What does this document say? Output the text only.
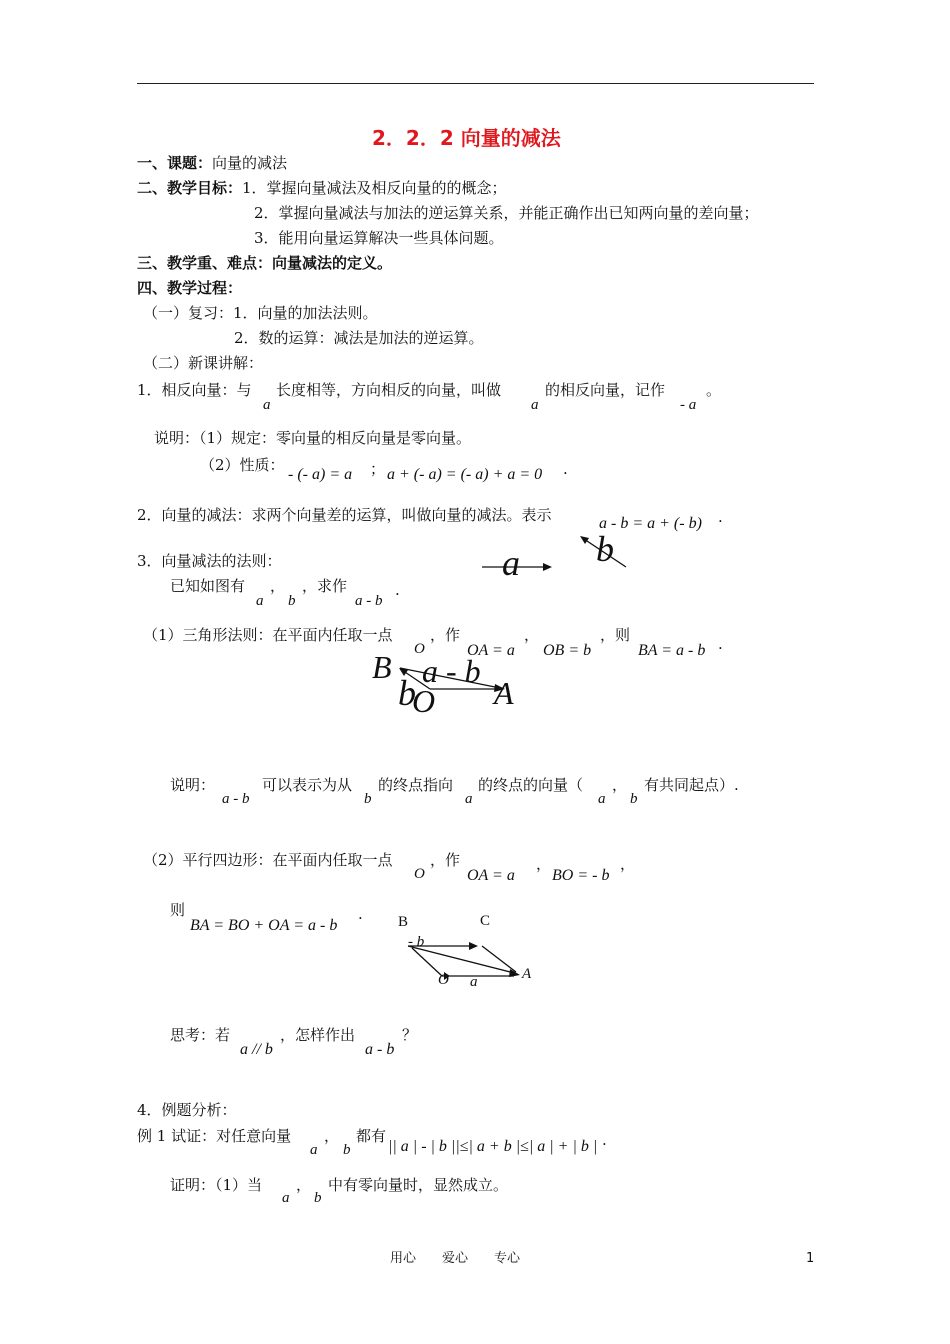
2．2．2 向量的减法
一、课题：向量的减法
二、教学目标：1．掌握向量减法及相反向量的的概念；
2．掌握向量减法与加法的逆运算关系，并能正确作出已知两向量的差向量；
3．能用向量运算解决一些具体问题。
三、教学重、难点：向量减法的定义。
四、教学过程：
（一）复习：1．向量的加法法则。
2．数的运算：减法是加法的逆运算。
（二）新课讲解：
1．相反向量：与
a
长度相等，方向相反的向量，叫做
a
的相反向量，记作
- a
。
说明：（1）规定：零向量的相反向量是零向量。
（2）性质：
- (- a) = a ； a + (- a) = (- a) + a = 0 .
2．向量的减法：求两个向量差的运算，叫做向量的减法。表示	a - b = a + (- b) .
3．向量减法的法则：	a b
已知如图有
a
，
b
，求作
a - b
.
（1）三角形法则：在平面内任取一点
O
，作
OA = a
，
OB = b
，则
BA = a - b .
B a - b
b
O A
说明：
a - b
可以表示为从
b
的终点指向
a
的终点的向量（
a
，
b
有共同起点）.
（2）平行四边形：在平面内任取一点
O
，作
OA = a
，
BO = - b
，
则
BA = BO + OA = a - b
. B	C
- b
O a	A
思考：若
a // b
，怎样作出
a - b
？
4．例题分析：
例 1 试证：对任意向量
a
，
b
都有
|| a | - | b ||≤| a + b |≤| a | + | b | .
证明：（1）当
a
，
b
中有零向量时，显然成立。
用心　　爱心　　专心	1
